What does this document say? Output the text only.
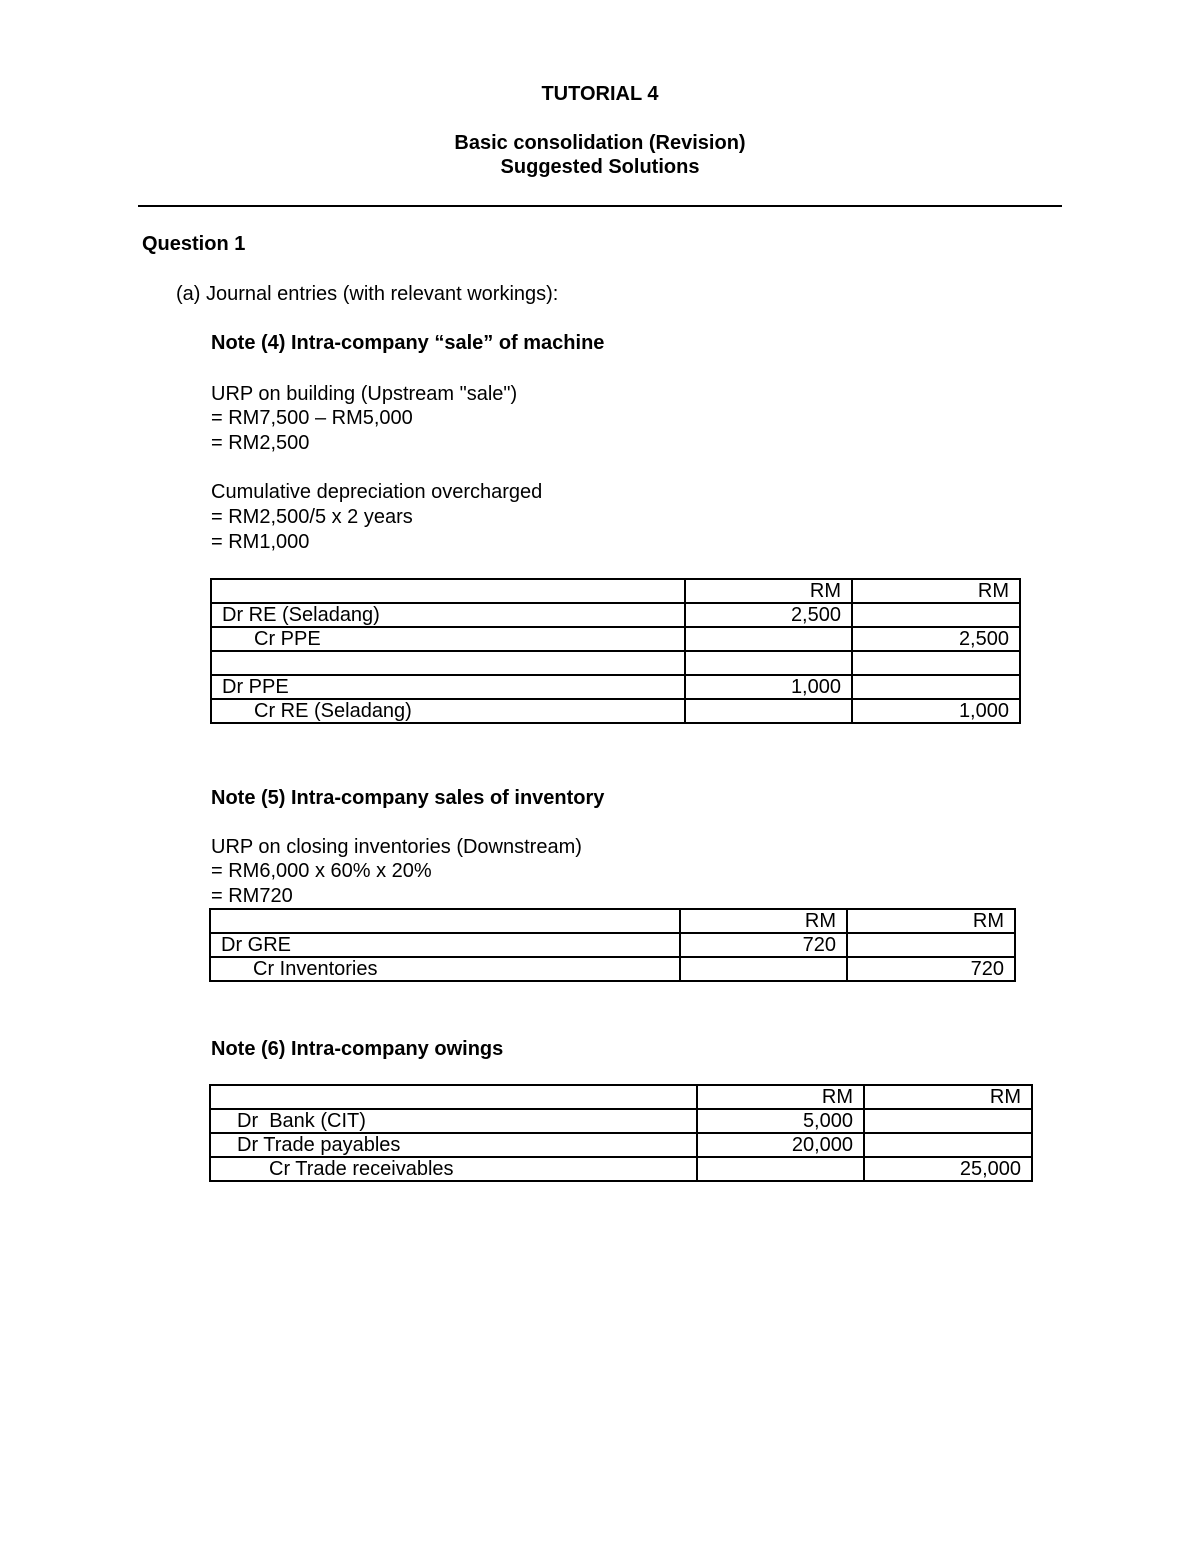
TUTORIAL 4
Basic consolidation (Revision)
Suggested Solutions
Question 1
(a) Journal entries (with relevant workings):
Note (4) Intra-company “sale” of machine
URP on building (Upstream "sale")
= RM7,500 – RM5,000
= RM2,500
Cumulative depreciation overcharged
= RM2,500/5 x 2 years
= RM1,000
	RM	RM
Dr RE (Seladang)	2,500	
Cr PPE		2,500

Dr PPE	1,000	
Cr RE (Seladang)		1,000
Note (5) Intra-company sales of inventory
URP on closing inventories (Downstream)
= RM6,000 x 60% x 20%
= RM720
	RM	RM
Dr GRE	720	
Cr Inventories		720
Note (6) Intra-company owings
	RM	RM
Dr  Bank (CIT)	5,000	
Dr Trade payables	20,000	
Cr Trade receivables		25,000
